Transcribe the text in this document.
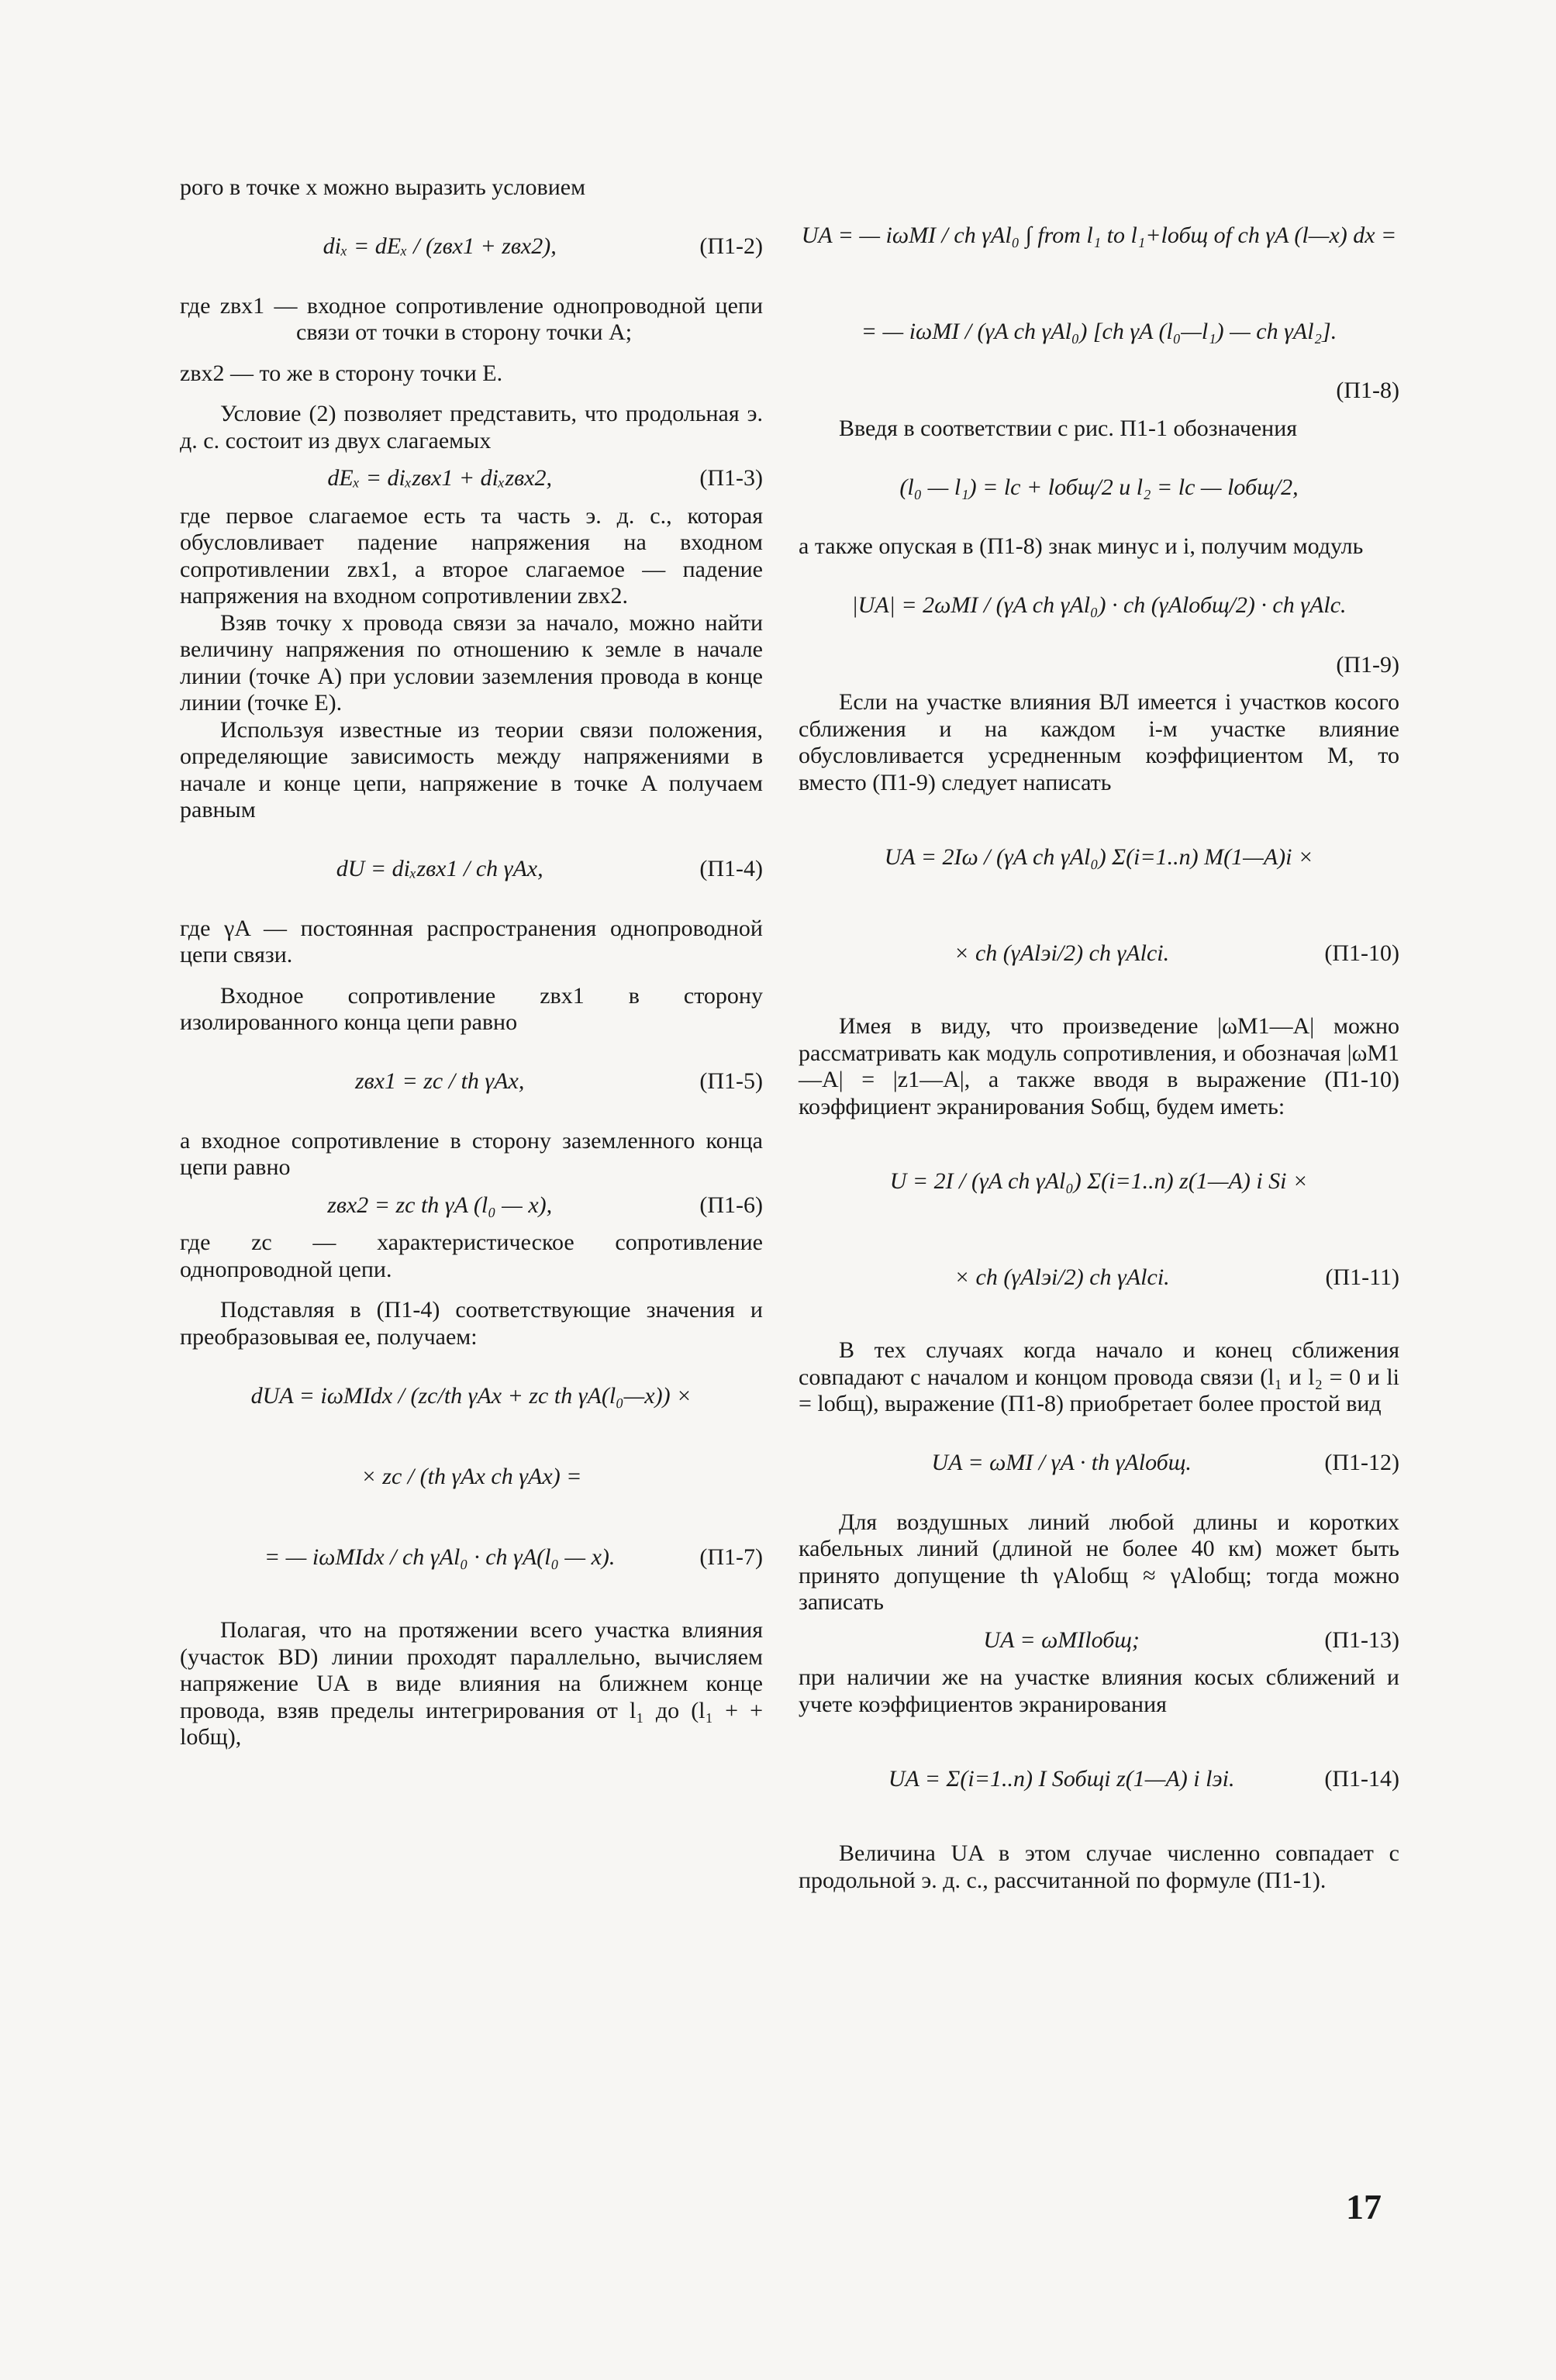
рого в точке x можно выразить условием

diₓ = dEₓ / (zвх1 + zвх2),	(П1-2)

где zвх1 — входное сопротивление однопроводной цепи связи от точки в сторону точки A;

zвх2 — то же в сторону точки E.

Условие (2) позволяет представить, что продольная э. д. с. состоит из двух слагаемых

dEₓ = diₓzвх1 + diₓzвх2,	(П1-3)

где первое слагаемое есть та часть э. д. с., которая обусловливает падение напряжения на входном сопротивлении zвх1, а второе слагаемое — падение напряжения на входном сопротивлении zвх2.

Взяв точку x провода связи за начало, можно найти величину напряжения по отношению к земле в начале линии (точке A) при условии заземления провода в конце линии (точке E).

Используя известные из теории связи положения, определяющие зависимость между напряжениями в начале и конце цепи, напряжение в точке A получаем равным

dU = diₓzвх1 / ch γAx,	(П1-4)

где γA — постоянная распространения однопроводной цепи связи.

Входное сопротивление zвх1 в сторону изолированного конца цепи равно

zвх1 = zc / th γAx,	(П1-5)

а входное сопротивление в сторону заземленного конца цепи равно

zвх2 = zc th γA (l₀ — x),	(П1-6)

где zc — характеристическое сопротивление однопроводной цепи.

Подставляя в (П1-4) соответствующие значения и преобразовывая ее, получаем:

dUA = iωMIdx / (zc/th γAx + zc th γA(l₀—x)) ×
× zc / (th γAx ch γAx) =
= — iωMIdx / ch γAl₀ · ch γA(l₀ — x).	(П1-7)

Полагая, что на протяжении всего участка влияния (участок BD) линии проходят параллельно, вычисляем напряжение UA в виде влияния на ближнем конце провода, взяв пределы интегрирования от l₁ до (l₁ + + lобщ),

UA = — iωMI / ch γAl₀ ∫ from l₁ to l₁+lобщ of ch γA (l—x) dx =
= — iωMI / (γA ch γAl₀) [ch γA (l₀—l₁) — ch γAl₂].
(П1-8)

Введя в соответствии с рис. П1-1 обозначения

(l₀ — l₁) = lc + lобщ/2 и l₂ = lc — lобщ/2,

а также опуская в (П1-8) знак минус и i, получим модуль

|UA| = 2ωMI / (γA ch γAl₀) · ch (γAlобщ/2) · ch γAlc.
(П1-9)

Если на участке влияния ВЛ имеется i участков косого сближения и на каждом i-м участке влияние обусловливается усредненным коэффициентом M, то вместо (П1-9) следует написать

UA = 2Iω / (γA ch γAl₀) Σ(i=1..n) M(1—A)i ×
× ch (γAlэi/2) ch γAlci.	(П1-10)

Имея в виду, что произведение |ωM1—A| можно рассматривать как модуль сопротивления, и обозначая |ωM1—A| = |z1—A|, а также вводя в выражение (П1-10) коэффициент экранирования Sобщ, будем иметь:

U = 2I / (γA ch γAl₀) Σ(i=1..n) z(1—A) i Si ×
× ch (γAlэi/2) ch γAlci.	(П1-11)

В тех случаях когда начало и конец сближения совпадают с началом и концом провода связи (l₁ и l₂ = 0 и li = lобщ), выражение (П1-8) приобретает более простой вид

UA = ωMI / γA · th γAlобщ.	(П1-12)

Для воздушных линий любой длины и коротких кабельных линий (длиной не более 40 км) может быть принято допущение th γAlобщ ≈ γAlобщ; тогда можно записать

UA = ωMIlобщ;	(П1-13)

при наличии же на участке влияния косых сближений и учете коэффициентов экранирования

UA = Σ(i=1..n) I Sобщi z(1—A) i lэi.	(П1-14)

Величина UA в этом случае численно совпадает с продольной э. д. с., рассчитанной по формуле (П1-1).

17
